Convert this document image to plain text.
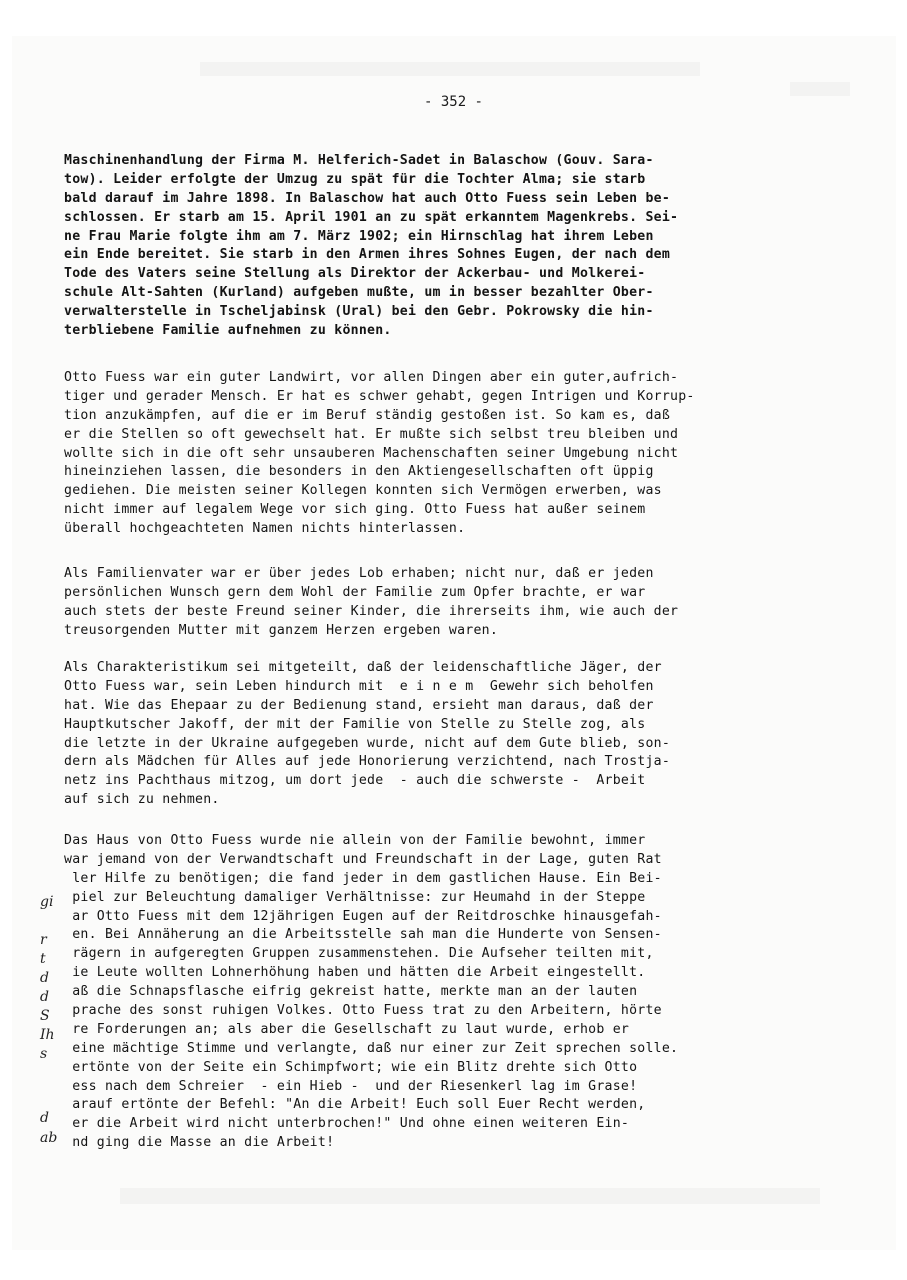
- 352 -
Maschinenhandlung der Firma M. Helferich-Sadet in Balaschow (Gouv. Sara-
tow). Leider erfolgte der Umzug zu spät für die Tochter Alma; sie starb
bald darauf im Jahre 1898. In Balaschow hat auch Otto Fuess sein Leben be-
schlossen. Er starb am 15. April 1901 an zu spät erkanntem Magenkrebs. Sei-
ne Frau Marie folgte ihm am 7. März 1902; ein Hirnschlag hat ihrem Leben
ein Ende bereitet. Sie starb in den Armen ihres Sohnes Eugen, der nach dem
Tode des Vaters seine Stellung als Direktor der Ackerbau- und Molkerei-
schule Alt-Sahten (Kurland) aufgeben mußte, um in besser bezahlter Ober-
verwalterstelle in Tscheljabinsk (Ural) bei den Gebr. Pokrowsky die hin-
terbliebene Familie aufnehmen zu können.
Otto Fuess war ein guter Landwirt, vor allen Dingen aber ein guter,aufrich-
tiger und gerader Mensch. Er hat es schwer gehabt, gegen Intrigen und Korrup-
tion anzukämpfen, auf die er im Beruf ständig gestoßen ist. So kam es, daß
er die Stellen so oft gewechselt hat. Er mußte sich selbst treu bleiben und
wollte sich in die oft sehr unsauberen Machenschaften seiner Umgebung nicht
hineinziehen lassen, die besonders in den Aktiengesellschaften oft üppig
gediehen. Die meisten seiner Kollegen konnten sich Vermögen erwerben, was
nicht immer auf legalem Wege vor sich ging. Otto Fuess hat außer seinem
überall hochgeachteten Namen nichts hinterlassen.
Als Familienvater war er über jedes Lob erhaben; nicht nur, daß er jeden
persönlichen Wunsch gern dem Wohl der Familie zum Opfer brachte, er war
auch stets der beste Freund seiner Kinder, die ihrerseits ihm, wie auch der
treusorgenden Mutter mit ganzem Herzen ergeben waren.
Als Charakteristikum sei mitgeteilt, daß der leidenschaftliche Jäger, der
Otto Fuess war, sein Leben hindurch mit  e i n e m  Gewehr sich beholfen
hat. Wie das Ehepaar zu der Bedienung stand, ersieht man daraus, daß der
Hauptkutscher Jakoff, der mit der Familie von Stelle zu Stelle zog, als
die letzte in der Ukraine aufgegeben wurde, nicht auf dem Gute blieb, son-
dern als Mädchen für Alles auf jede Honorierung verzichtend, nach Trostja-
netz ins Pachthaus mitzog, um dort jede  - auch die schwerste -  Arbeit
auf sich zu nehmen.
Das Haus von Otto Fuess wurde nie allein von der Familie bewohnt, immer
war jemand von der Verwandtschaft und Freundschaft in der Lage, guten Rat
ler Hilfe zu benötigen; die fand jeder in dem gastlichen Hause. Ein Bei-
piel zur Beleuchtung damaliger Verhältnisse: zur Heumahd in der Steppe
ar Otto Fuess mit dem 12jährigen Eugen auf der Reitdroschke hinausgefah-
en. Bei Annäherung an die Arbeitsstelle sah man die Hunderte von Sensen-
rägern in aufgeregten Gruppen zusammenstehen. Die Aufseher teilten mit,
ie Leute wollten Lohnerhöhung haben und hätten die Arbeit eingestellt.
aß die Schnapsflasche eifrig gekreist hatte, merkte man an der lauten
prache des sonst ruhigen Volkes. Otto Fuess trat zu den Arbeitern, hörte
re Forderungen an; als aber die Gesellschaft zu laut wurde, erhob er
eine mächtige Stimme und verlangte, daß nur einer zur Zeit sprechen solle.
ertönte von der Seite ein Schimpfwort; wie ein Blitz drehte sich Otto
ess nach dem Schreier  - ein Hieb -  und der Riesenkerl lag im Grase!
arauf ertönte der Befehl: "An die Arbeit! Euch soll Euer Recht werden,
er die Arbeit wird nicht unterbrochen!" Und ohne einen weiteren Ein-
nd ging die Masse an die Arbeit!
gi
r
t
d
d
S
Ih
s
d
ab
